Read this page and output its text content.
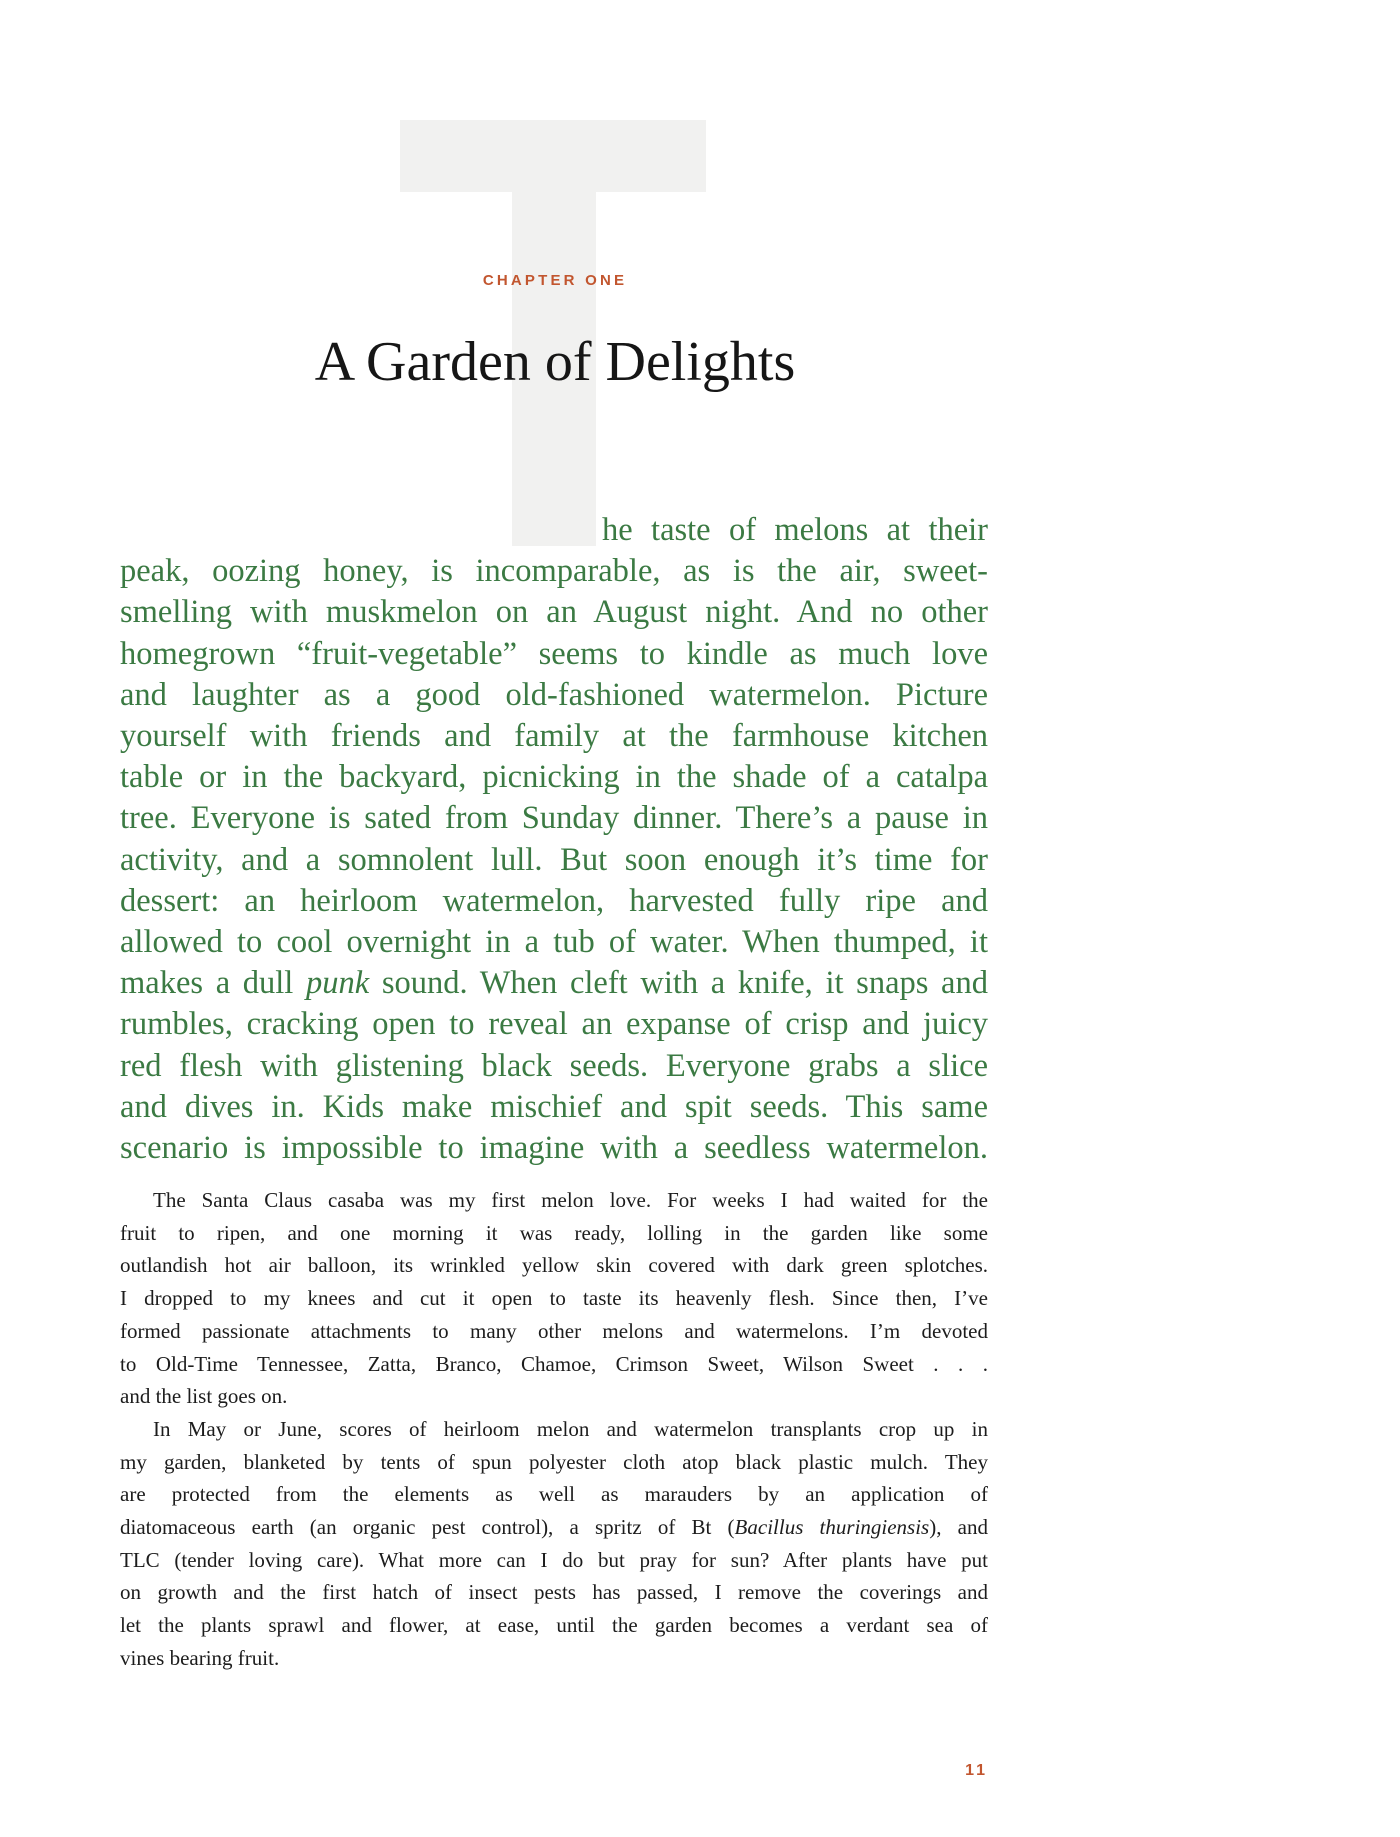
CHAPTER ONE
A Garden of Delights
he taste of melons at their
peak, oozing honey, is incomparable, as is the air, sweet-
smelling with muskmelon on an August night. And no other
homegrown “fruit-vegetable” seems to kindle as much love
and laughter as a good old-fashioned watermelon. Picture
yourself with friends and family at the farmhouse kitchen
table or in the backyard, picnicking in the shade of a catalpa
tree. Everyone is sated from Sunday dinner. There’s a pause in
activity, and a somnolent lull. But soon enough it’s time for
dessert: an heirloom watermelon, harvested fully ripe and
allowed to cool overnight in a tub of water. When thumped, it
makes a dull punk sound. When cleft with a knife, it snaps and
rumbles, cracking open to reveal an expanse of crisp and juicy
red flesh with glistening black seeds. Everyone grabs a slice
and dives in. Kids make mischief and spit seeds. This same
scenario is impossible to imagine with a seedless watermelon.

The Santa Claus casaba was my first melon love. For weeks I had waited for the
fruit to ripen, and one morning it was ready, lolling in the garden like some
outlandish hot air balloon, its wrinkled yellow skin covered with dark green splotches.
I dropped to my knees and cut it open to taste its heavenly flesh. Since then, I’ve
formed passionate attachments to many other melons and watermelons. I’m devoted
to Old-Time Tennessee, Zatta, Branco, Chamoe, Crimson Sweet, Wilson Sweet . . .
and the list goes on.

In May or June, scores of heirloom melon and watermelon transplants crop up in
my garden, blanketed by tents of spun polyester cloth atop black plastic mulch. They
are protected from the elements as well as marauders by an application of
diatomaceous earth (an organic pest control), a spritz of Bt (Bacillus thuringiensis), and
TLC (tender loving care). What more can I do but pray for sun? After plants have put
on growth and the first hatch of insect pests has passed, I remove the coverings and
let the plants sprawl and flower, at ease, until the garden becomes a verdant sea of
vines bearing fruit.

11
